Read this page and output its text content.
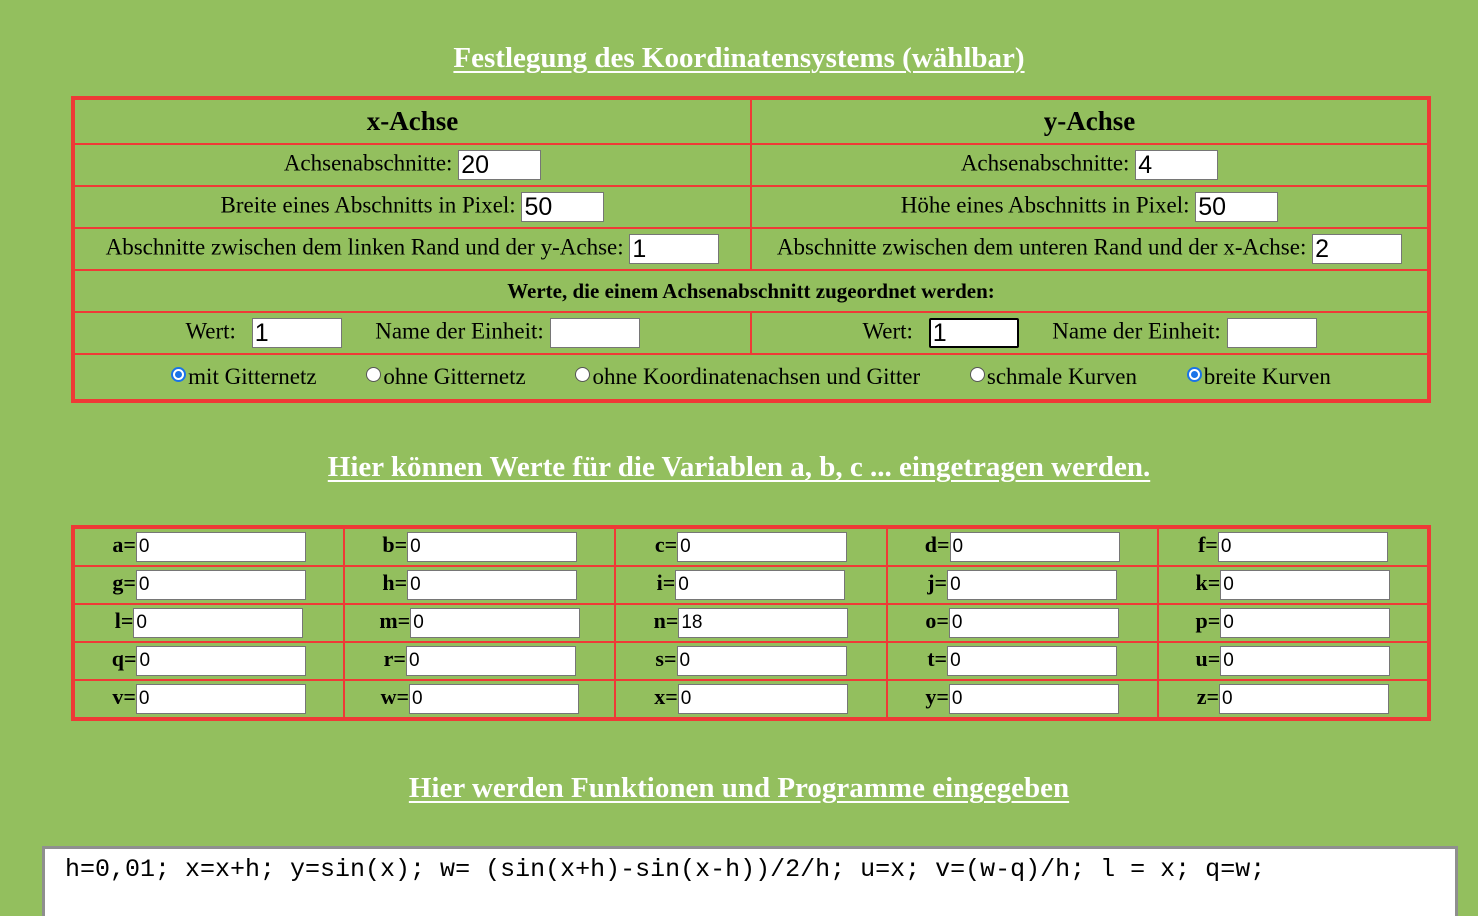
Festlegung des Koordinatensystems (wählbar)
x-Achse	y-Achse
Achsenabschnitte: 20	Achsenabschnitte: 4
Breite eines Abschnitts in Pixel: 50	Höhe eines Abschnitts in Pixel: 50
Abschnitte zwischen dem linken Rand und der y-Achse: 1	Abschnitte zwischen dem unteren Rand und der x-Achse: 2
Werte, die einem Achsenabschnitt zugeordnet werden:	
Wert: 1 Name der Einheit:	Wert: 1 Name der Einheit:
mit Gitternetz ohne Gitternetz ohne Koordinatenachsen und Gitter schmale Kurven breite Kurven	
Hier können Werte für die Variablen a, b, c ... eingetragen werden.
a=0	b=0	c=0	d=0	f=0
g=0	h=0	i=0	j=0	k=0
l=0	m=0	n=18	o=0	p=0
q=0	r=0	s=0	t=0	u=0
v=0	w=0	x=0	y=0	z=0
Hier werden Funktionen und Programme eingegeben
h=0,01; x=x+h; y=sin(x); w= (sin(x+h)-sin(x-h))/2/h; u=x; v=(w-q)/h; l = x; q=w;
